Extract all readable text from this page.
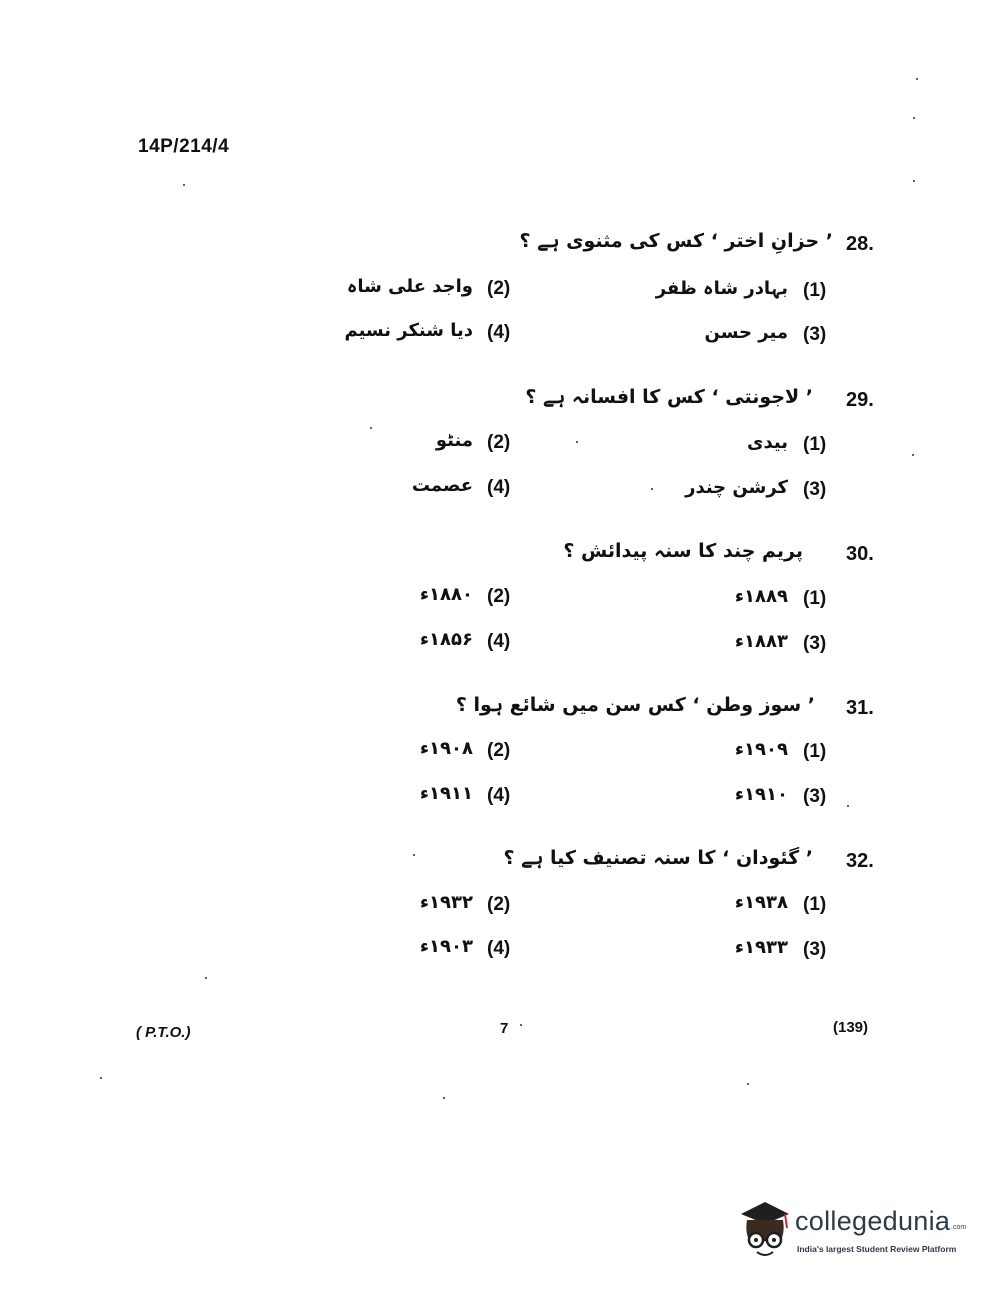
14P/214/4
28.
’ حزانِ اختر ‘ کس کی مثنوی ہے ؟
(1)
بہادر شاہ ظفر
(2)
واجد علی شاہ
(3)
میر حسن
(4)
دیا شنکر نسیم
29.
’ لاجونتی ‘ کس کا افسانہ ہے ؟
(1)
بیدی
(2)
منٹو
(3)
کرشن چندر
(4)
عصمت
30.
پریم چند کا سنہ پیدائش ؟
(1)
۱۸۸۹ء
(2)
۱۸۸۰ء
(3)
۱۸۸۳ء
(4)
۱۸۵۶ء
31.
’ سوز وطن ‘ کس سن میں شائع ہوا ؟
(1)
۱۹۰۹ء
(2)
۱۹۰۸ء
(3)
۱۹۱۰ء
(4)
۱۹۱۱ء
32.
’ گئودان ‘ کا سنہ تصنیف کیا ہے ؟
(1)
۱۹۳۸ء
(2)
۱۹۳۲ء
(3)
۱۹۳۳ء
(4)
۱۹۰۳ء
( P.T.O.)	7	(139)
collegedunia .com
India's largest Student Review Platform
